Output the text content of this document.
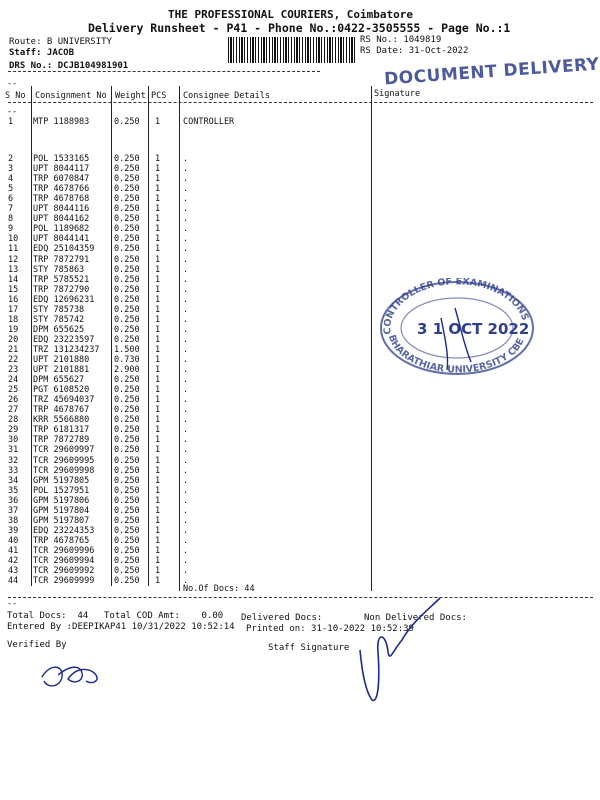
THE PROFESSIONAL COURIERS, Coimbatore
Delivery Runsheet - P41 - Phone No.:0422-3505555 - Page No.:1
Route: B UNIVERSITY
Staff: JACOB
DRS No.: DCJB104981901
RS No.: 1049819
RS Date: 31-Oct-2022
DOCUMENT DELIVERY
--
S No Consignment No Weight PCS Consignee Details	Signature
--
1 MTP 1188983	0.250 1	CONTROLLER
2 POL 1533165	0.250 1	.
3 UPT 8044117	0.250 1	.
4 TRP 6070847	0.250 1	.
5 TRP 4678766	0.250 1	.
6 TRP 4678768	0.250 1	.
7 UPT 8044116	0.250 1	.
8 UPT 8044162	0.250 1	.
9 POL 1189682	0.250 1	.
10 UPT 8044141	0.250 1	.
11 EDQ 25104359 0.250 1	.
12 TRP 7872791	0.250 1	.
13 STY 785863	0.250 1	.
14 TRP 5785521	0.250 1	.
15 TRP 7872790	0.250 1	.
16 EDQ 12696231 0.250 1	.
17 STY 785738	0.250 1	.
18 STY 785742	0.250 1	.
19 DPM 655625	0.250 1	.
20 EDQ 23223597 0.250 1	.
21 TRZ 131234237 1.500 1	.
22 UPT 2101880	0.730 1	.
23 UPT 2101881	2.900 1	.
24 DPM 655627	0.250 1	.
25 PGT 6108520	0.250 1	.
26 TRZ 45694037 0.250 1	.
27 TRP 4678767	0.250 1	.
28 KRR 5566880	0.250 1	.
29 TRP 6181317	0.250 1	.
30 TRP 7872789	0.250 1	.
31 TCR 29609997 0.250 1	.
32 TCR 29609995 0.250 1	.
33 TCR 29609998 0.250 1	.
34 GPM 5197805	0.250 1	.
35 POL 1527951	0.250 1	.
36 GPM 5197806	0.250 1	.
37 GPM 5197804	0.250 1	.
38 GPM 5197807	0.250 1	.
39 EDQ 23224353 0.250 1	.
40 TRP 4678765	0.250 1	.
41 TCR 29609996 0.250 1	.
42 TCR 29609994 0.250 1	.
43 TCR 29609992 0.250 1	.
44 TCR 29609999 0.250 1	.
No.Of Docs: 44
--
Total Docs:  44 Total COD Amt:    0.00 Delivered Docs:	Non Delivered Docs:
Entered By :DEEPIKAP41 10/31/2022 10:52:14 Printed on: 31-10-2022 10:52:39
Verified By	Staff Signature
CONTROLLER OF EXAMINATIONS
BHARATHIAR UNIVERSITY CBE
3 1 OCT 2022
